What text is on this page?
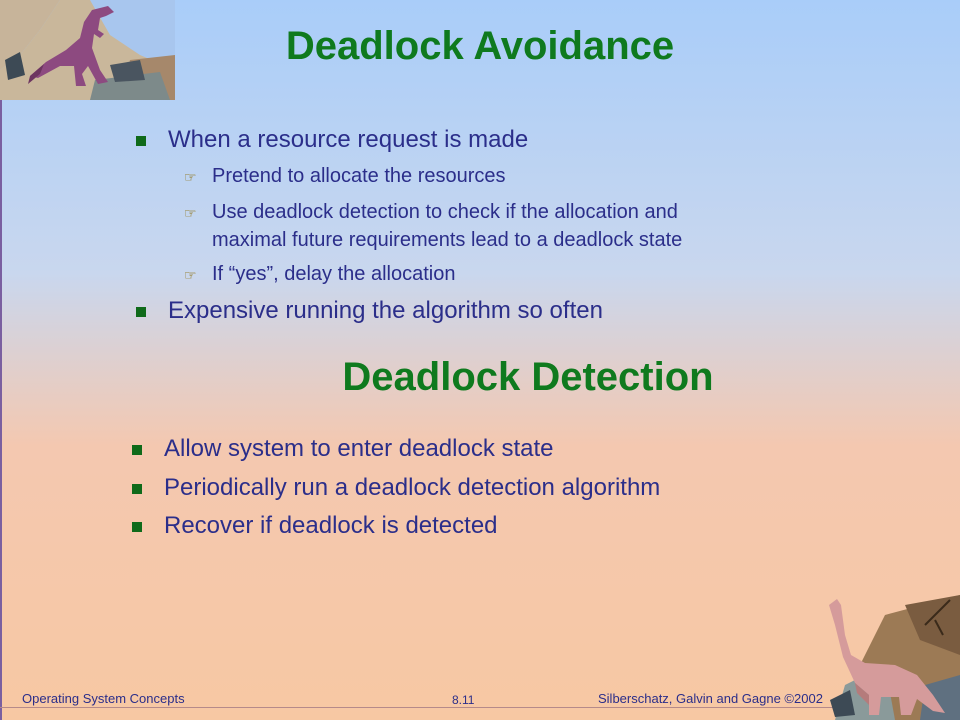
Deadlock Avoidance
When a resource request is made
☞ Pretend to allocate the resources
☞ Use deadlock detection to check if the allocation and
maximal future requirements lead to a deadlock state
☞ If “yes”, delay the allocation
Expensive running the algorithm so often
Deadlock Detection
Allow system to enter deadlock state
Periodically run a deadlock detection algorithm
Recover if deadlock is detected
Operating System Concepts	8.11	Silberschatz, Galvin and Gagne ©2002
